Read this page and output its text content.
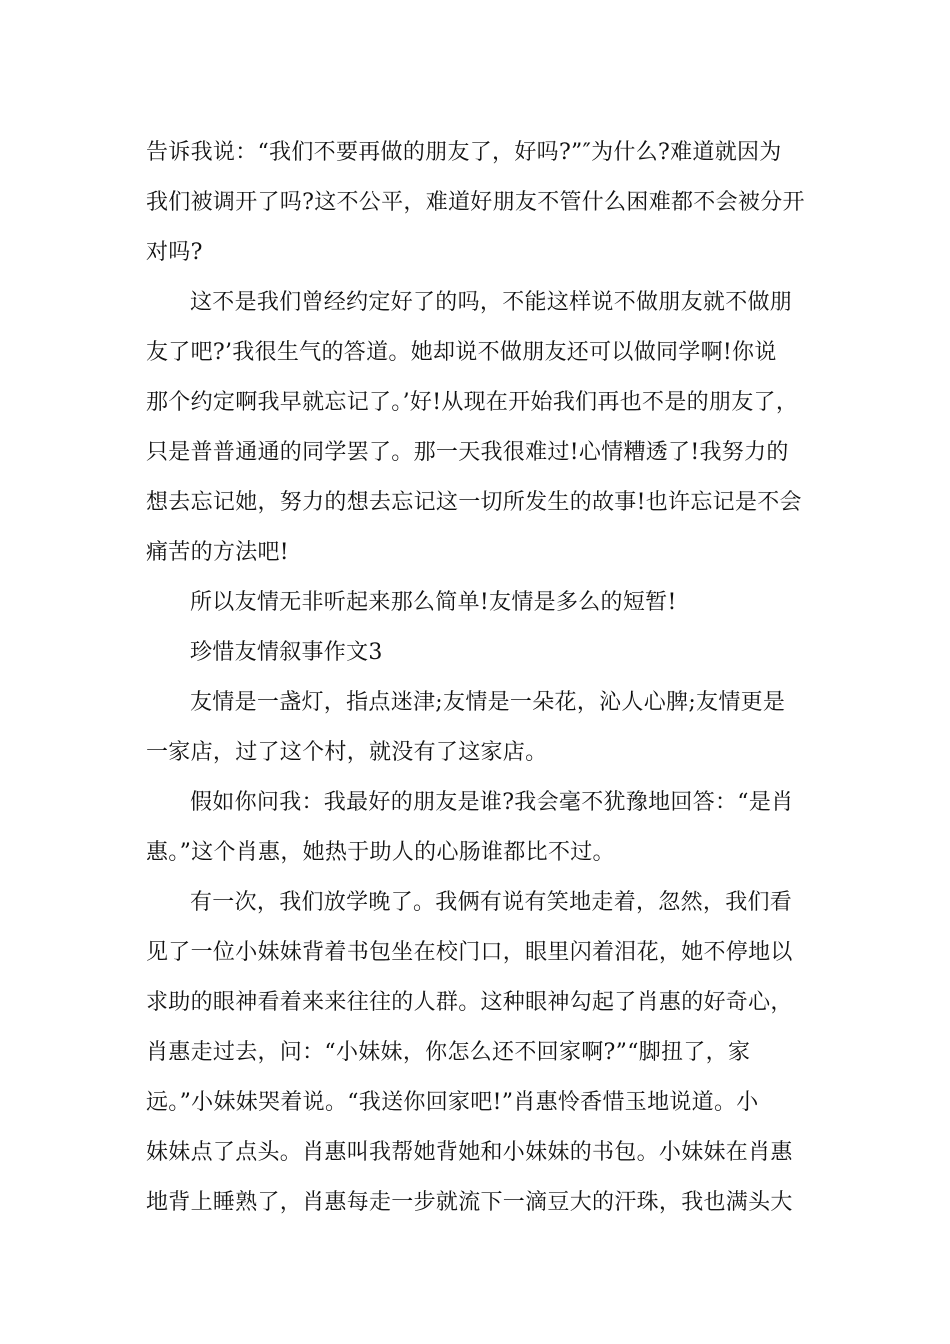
告诉我说：“我们不要再做的朋友了，好吗?”″为什么?难道就因为
我们被调开了吗?这不公平，难道好朋友不管什么困难都不会被分开
对吗?
这不是我们曾经约定好了的吗，不能这样说不做朋友就不做朋
友了吧?’我很生气的答道。她却说不做朋友还可以做同学啊!你说
那个约定啊我早就忘记了。’好!从现在开始我们再也不是的朋友了，
只是普普通通的同学罢了。那一天我很难过!心情糟透了!我努力的
想去忘记她，努力的想去忘记这一切所发生的故事!也许忘记是不会
痛苦的方法吧!
所以友情无非听起来那么简单!友情是多么的短暂!
珍惜友情叙事作文3
友情是一盏灯，指点迷津;友情是一朵花，沁人心脾;友情更是
一家店，过了这个村，就没有了这家店。
假如你问我：我最好的朋友是谁?我会毫不犹豫地回答：“是肖
惠。”这个肖惠，她热于助人的心肠谁都比不过。
有一次，我们放学晚了。我俩有说有笑地走着，忽然，我们看
见了一位小妹妹背着书包坐在校门口，眼里闪着泪花，她不停地以
求助的眼神看着来来往往的人群。这种眼神勾起了肖惠的好奇心，
肖惠走过去，问：“小妹妹，你怎么还不回家啊?”“脚扭了，家
远。”小妹妹哭着说。“我送你回家吧!”肖惠怜香惜玉地说道。小
妹妹点了点头。肖惠叫我帮她背她和小妹妹的书包。小妹妹在肖惠
地背上睡熟了，肖惠每走一步就流下一滴豆大的汗珠，我也满头大
